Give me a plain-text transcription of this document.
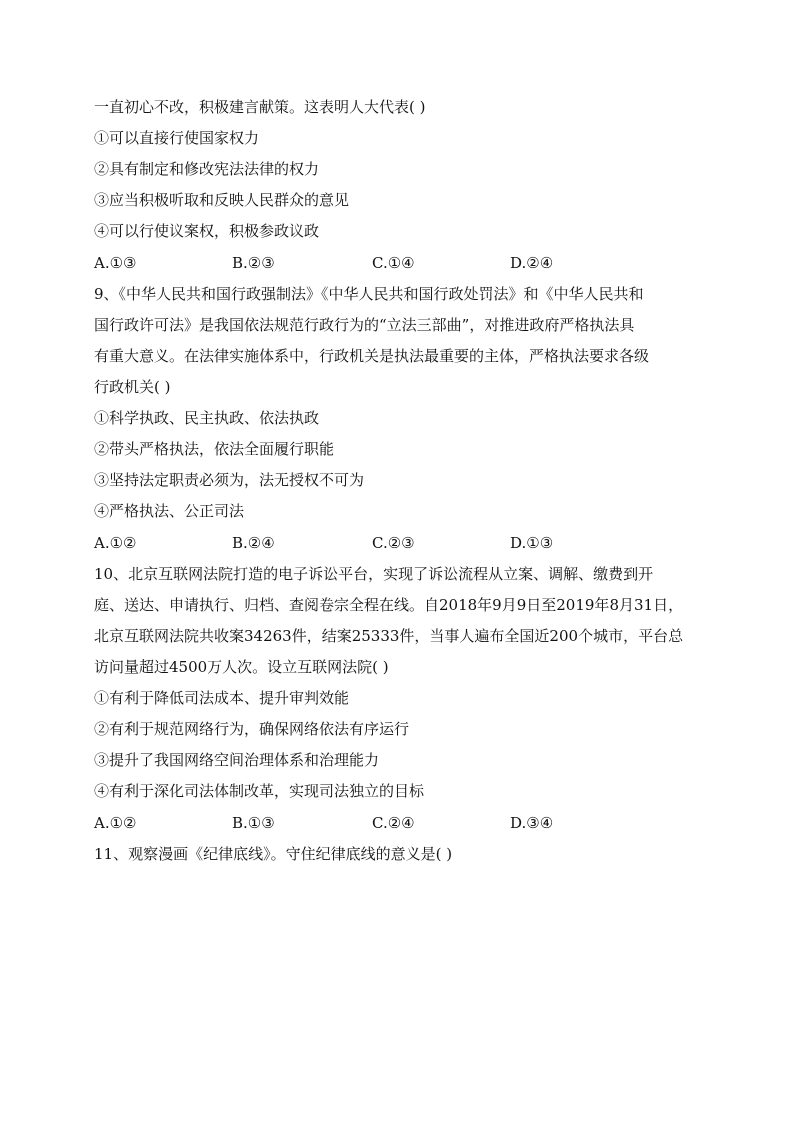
一直初心不改，积极建言献策。这表明人大代表( )
①可以直接行使国家权力
②具有制定和修改宪法法律的权力
③应当积极听取和反映人民群众的意见
④可以行使议案权，积极参政议政
A.①③	B.②③	C.①④	D.②④
9、《中华人民共和国行政强制法》《中华人民共和国行政处罚法》和《中华人民共和
国行政许可法》是我国依法规范行政行为的“立法三部曲”，对推进政府严格执法具
有重大意义。在法律实施体系中，行政机关是执法最重要的主体，严格执法要求各级
行政机关( )
①科学执政、民主执政、依法执政
②带头严格执法，依法全面履行职能
③坚持法定职责必须为，法无授权不可为
④严格执法、公正司法
A.①②	B.②④	C.②③	D.①③
10、北京互联网法院打造的电子诉讼平台，实现了诉讼流程从立案、调解、缴费到开
庭、送达、申请执行、归档、查阅卷宗全程在线。自2018年9月9日至2019年8月31日，
北京互联网法院共收案34263件，结案25333件，当事人遍布全国近200个城市，平台总
访问量超过4500万人次。设立互联网法院( )
①有利于降低司法成本、提升审判效能
②有利于规范网络行为，确保网络依法有序运行
③提升了我国网络空间治理体系和治理能力
④有利于深化司法体制改革，实现司法独立的目标
A.①②	B.①③	C.②④	D.③④
11、观察漫画《纪律底线》。守住纪律底线的意义是( )
